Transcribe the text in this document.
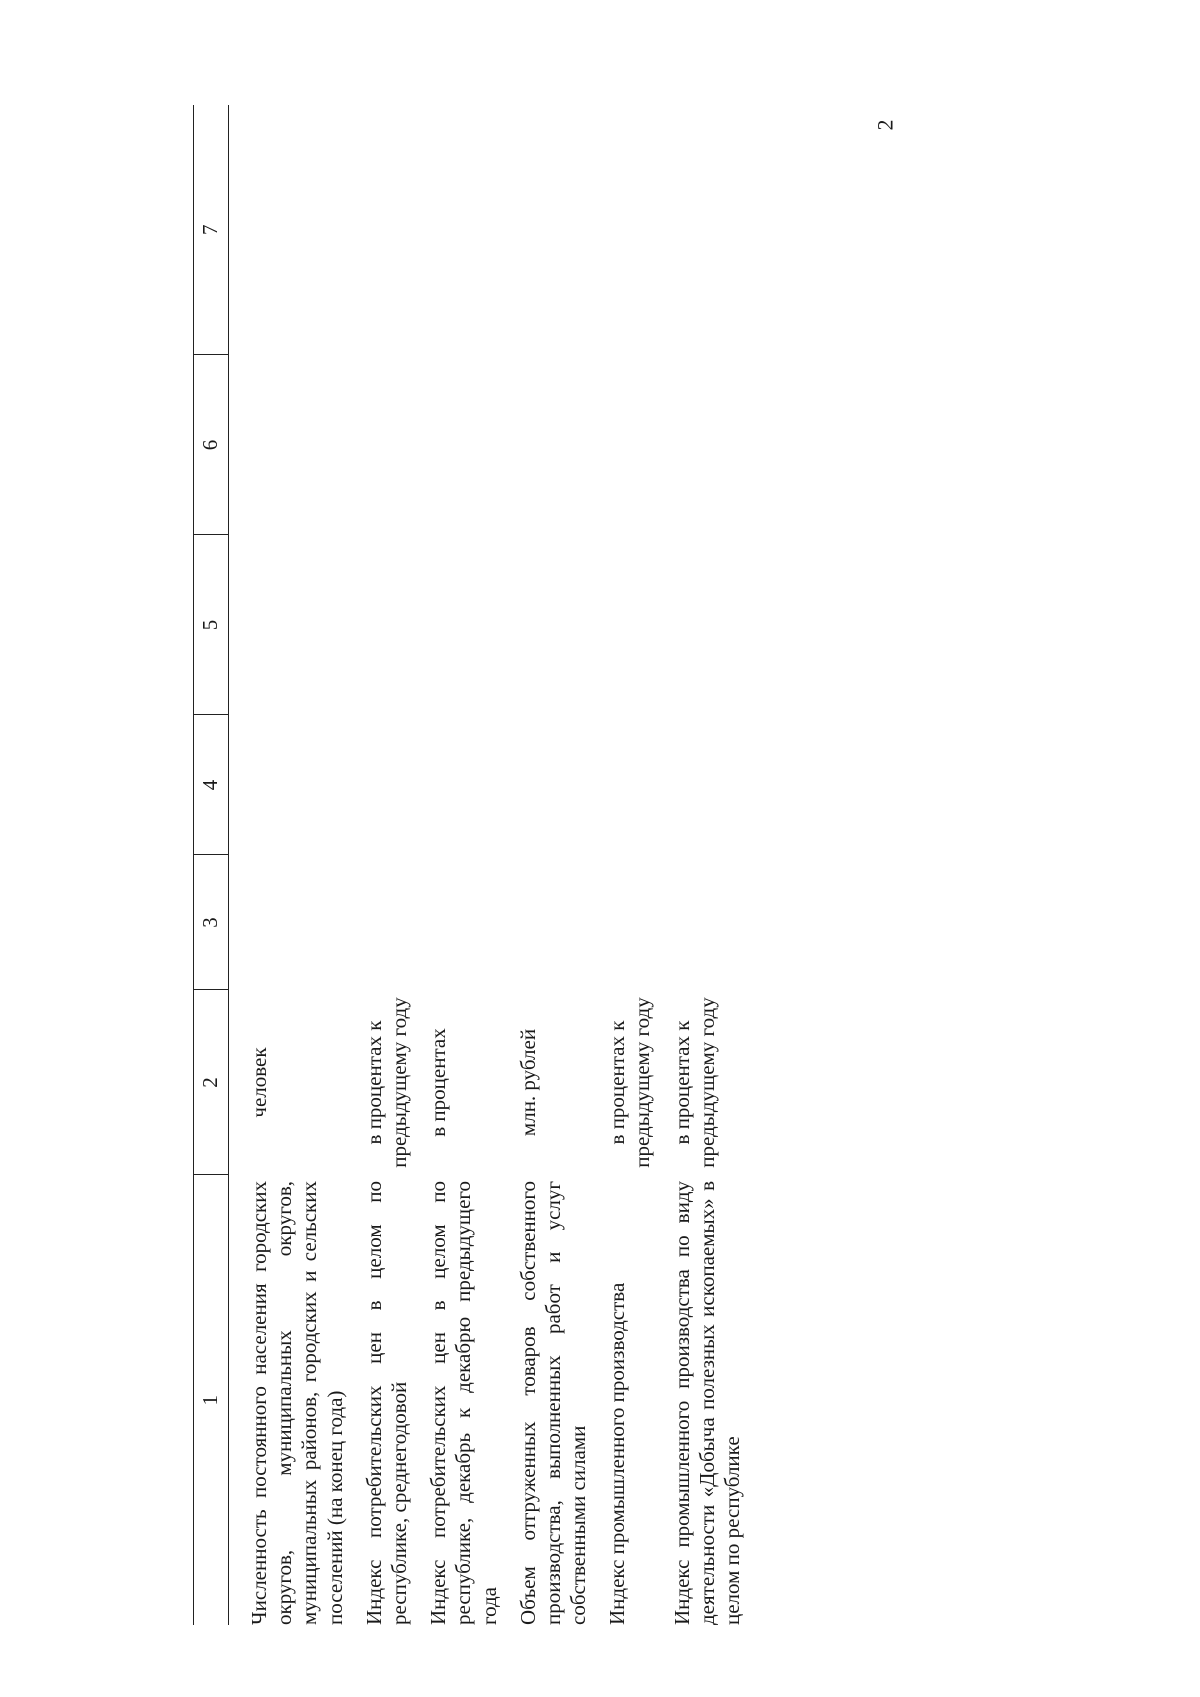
2
1	2	3	4	5	6	7
Численность постоянного населения городских округов, муниципальных округов, муниципальных районов, городских и сельских поселений (на конец года)	человек					
Индекс потребительских цен в целом по республике, среднегодовой	в процентах к предыдущему году					
Индекс потребительских цен в целом по республике, декабрь к декабрю предыдущего года	в процентах					
Объем отгруженных товаров собственного производства, выполненных работ и услуг собственными силами	млн. рублей					
Индекс промышленного производства	в процентах к предыдущему году					
Индекс промышленного производства по виду деятельности «Добыча полезных ископаемых» в целом по республике	в процентах к предыдущему году					
